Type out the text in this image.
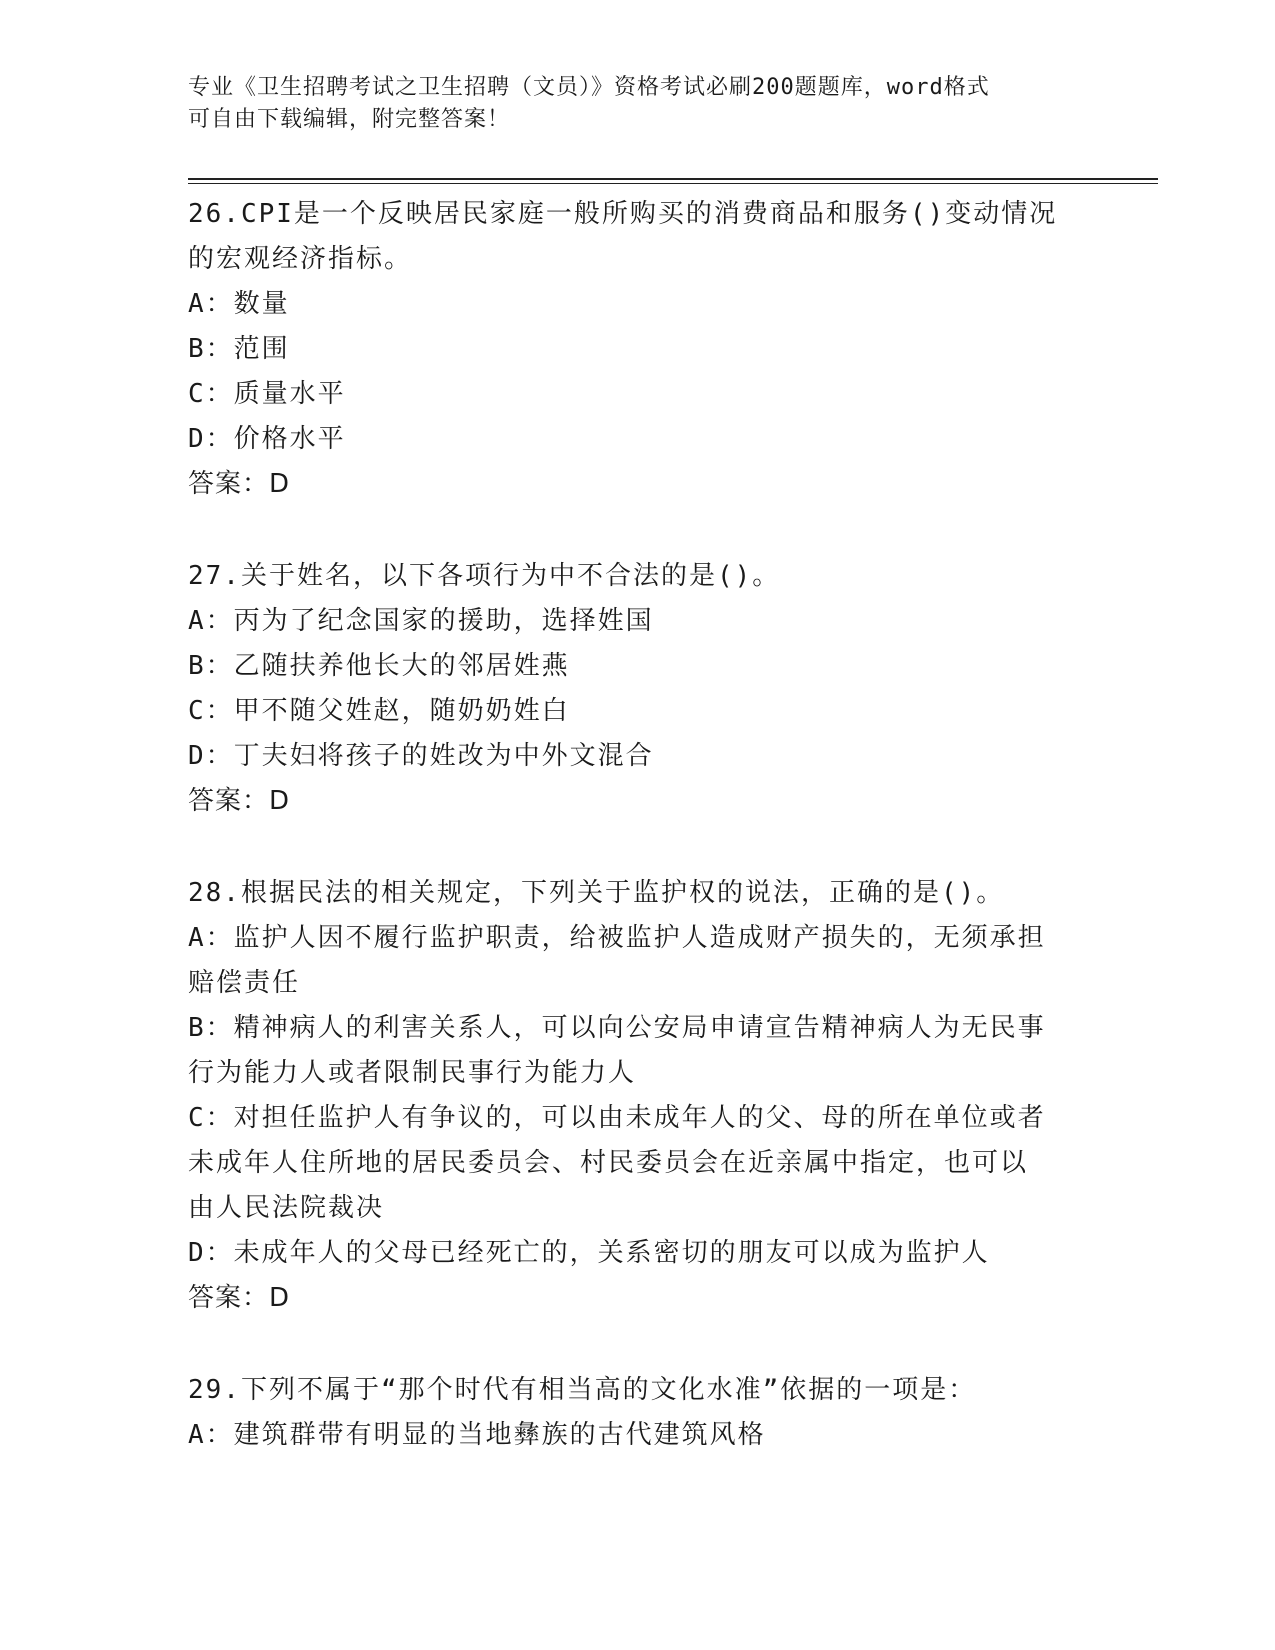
专业《卫生招聘考试之卫生招聘（文员）》资格考试必刷200题题库，word格式
可自由下载编辑，附完整答案！
26.CPI是一个反映居民家庭一般所购买的消费商品和服务()变动情况
的宏观经济指标。
A：数量
B：范围
C：质量水平
D：价格水平
答案：D
27.关于姓名，以下各项行为中不合法的是()。
A：丙为了纪念国家的援助，选择姓国
B：乙随扶养他长大的邻居姓燕
C：甲不随父姓赵，随奶奶姓白
D：丁夫妇将孩子的姓改为中外文混合
答案：D
28.根据民法的相关规定，下列关于监护权的说法，正确的是()。
A：监护人因不履行监护职责，给被监护人造成财产损失的，无须承担
赔偿责任
B：精神病人的利害关系人，可以向公安局申请宣告精神病人为无民事
行为能力人或者限制民事行为能力人
C：对担任监护人有争议的，可以由未成年人的父、母的所在单位或者
未成年人住所地的居民委员会、村民委员会在近亲属中指定，也可以
由人民法院裁决
D：未成年人的父母已经死亡的，关系密切的朋友可以成为监护人
答案：D
29.下列不属于“那个时代有相当高的文化水准”依据的一项是：
A：建筑群带有明显的当地彝族的古代建筑风格
